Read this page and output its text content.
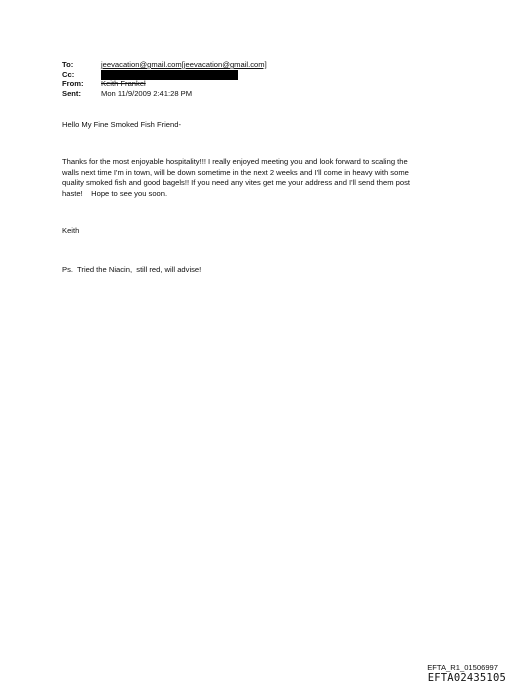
To:	jeevacation@gmail.com[jeevacation@gmail.com]
Cc:
From:	Keith Frankel
Sent:	Mon 11/9/2009 2:41:28 PM
Hello My Fine Smoked Fish Friend-

Thanks for the most enjoyable hospitality!!! I really enjoyed meeting you and look forward to scaling the

walls next time I'm in town, will be down sometime in the next 2 weeks and I'll come in heavy with some

quality smoked fish and good bagels!! If you need any vites get me your address and I'll send them post

haste!    Hope to see you soon.

Keith
Ps.  Tried the Niacin,  still red, will advise!
EFTA_R1_01506997
EFTA02435105
